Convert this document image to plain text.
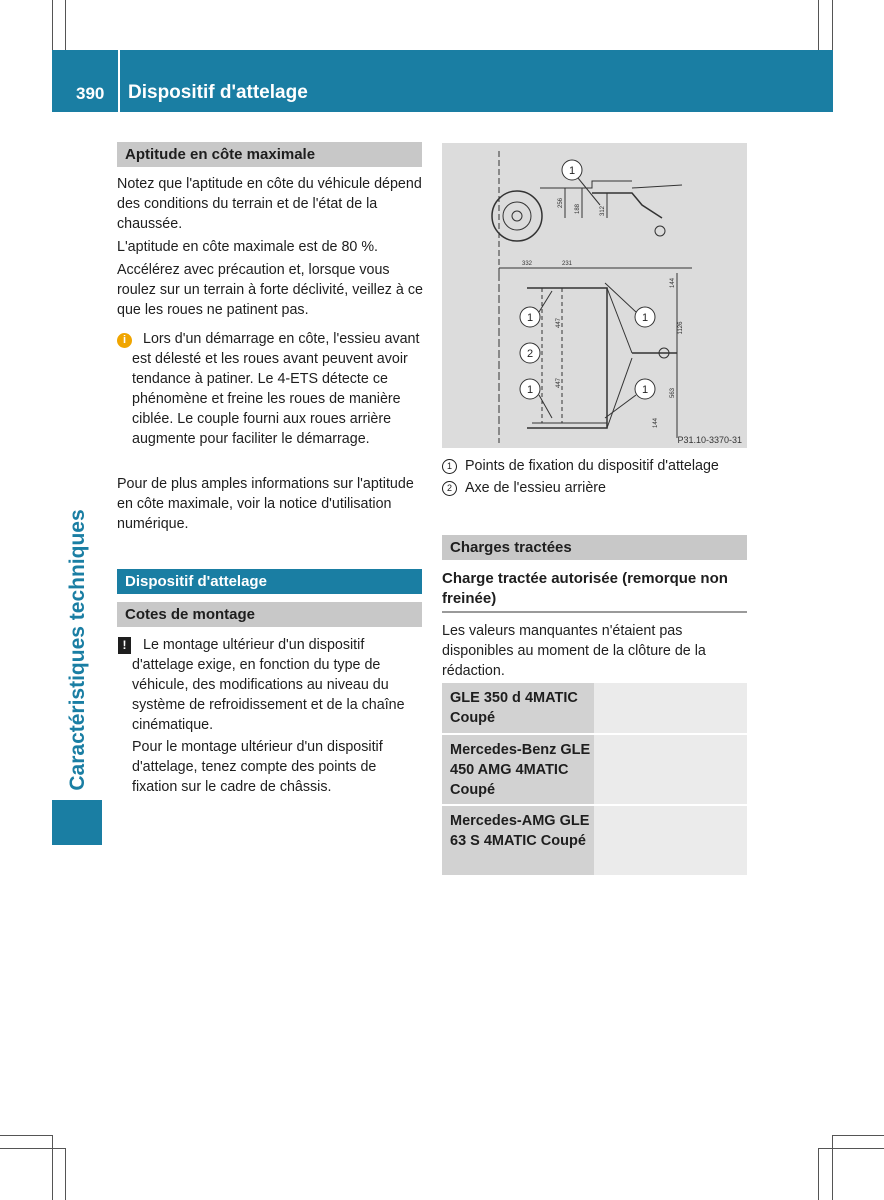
390 Dispositif d'attelage
Caractéristiques techniques
Aptitude en côte maximale

Notez que l'aptitude en côte du véhicule dépend des conditions du terrain et de l'état de la chaussée.

L'aptitude en côte maximale est de 80 %.

Accélérez avec précaution et, lorsque vous roulez sur un terrain à forte déclivité, veillez à ce que les roues ne patinent pas.

i	Lors d'un démarrage en côte, l'essieu avant est délesté et les roues avant peuvent avoir tendance à patiner. Le 4-ETS détecte ce phénomène et freine les roues de manière ciblée. Le couple fourni aux roues arrière augmente pour faciliter le démarrage.
Pour de plus amples informations sur l'aptitude en côte maximale, voir la notice d'utilisation numérique.
Dispositif d'attelage
Cotes de montage
!	Le montage ultérieur d'un dispositif d'attelage exige, en fonction du type de véhicule, des modifications au niveau du système de refroidissement et de la chaîne cinématique.
Pour le montage ultérieur d'un dispositif d'attelage, tenez compte des points de fixation sur le cadre de châssis.
1
1	1
1	1
2
256
188	312
332	231
144
447
447
1126
563
144
P31.10-3370-31
1 Points de fixation du dispositif d'attelage
2 Axe de l'essieu arrière
Charges tractées
Charge tractée autorisée (remorque non freinée)
Les valeurs manquantes n'étaient pas disponibles au moment de la clôture de la rédaction.
GLE 350 d 4MATIC Coupé
Mercedes-Benz GLE 450 AMG 4MATIC Coupé
Mercedes-AMG GLE 63 S 4MATIC Coupé
